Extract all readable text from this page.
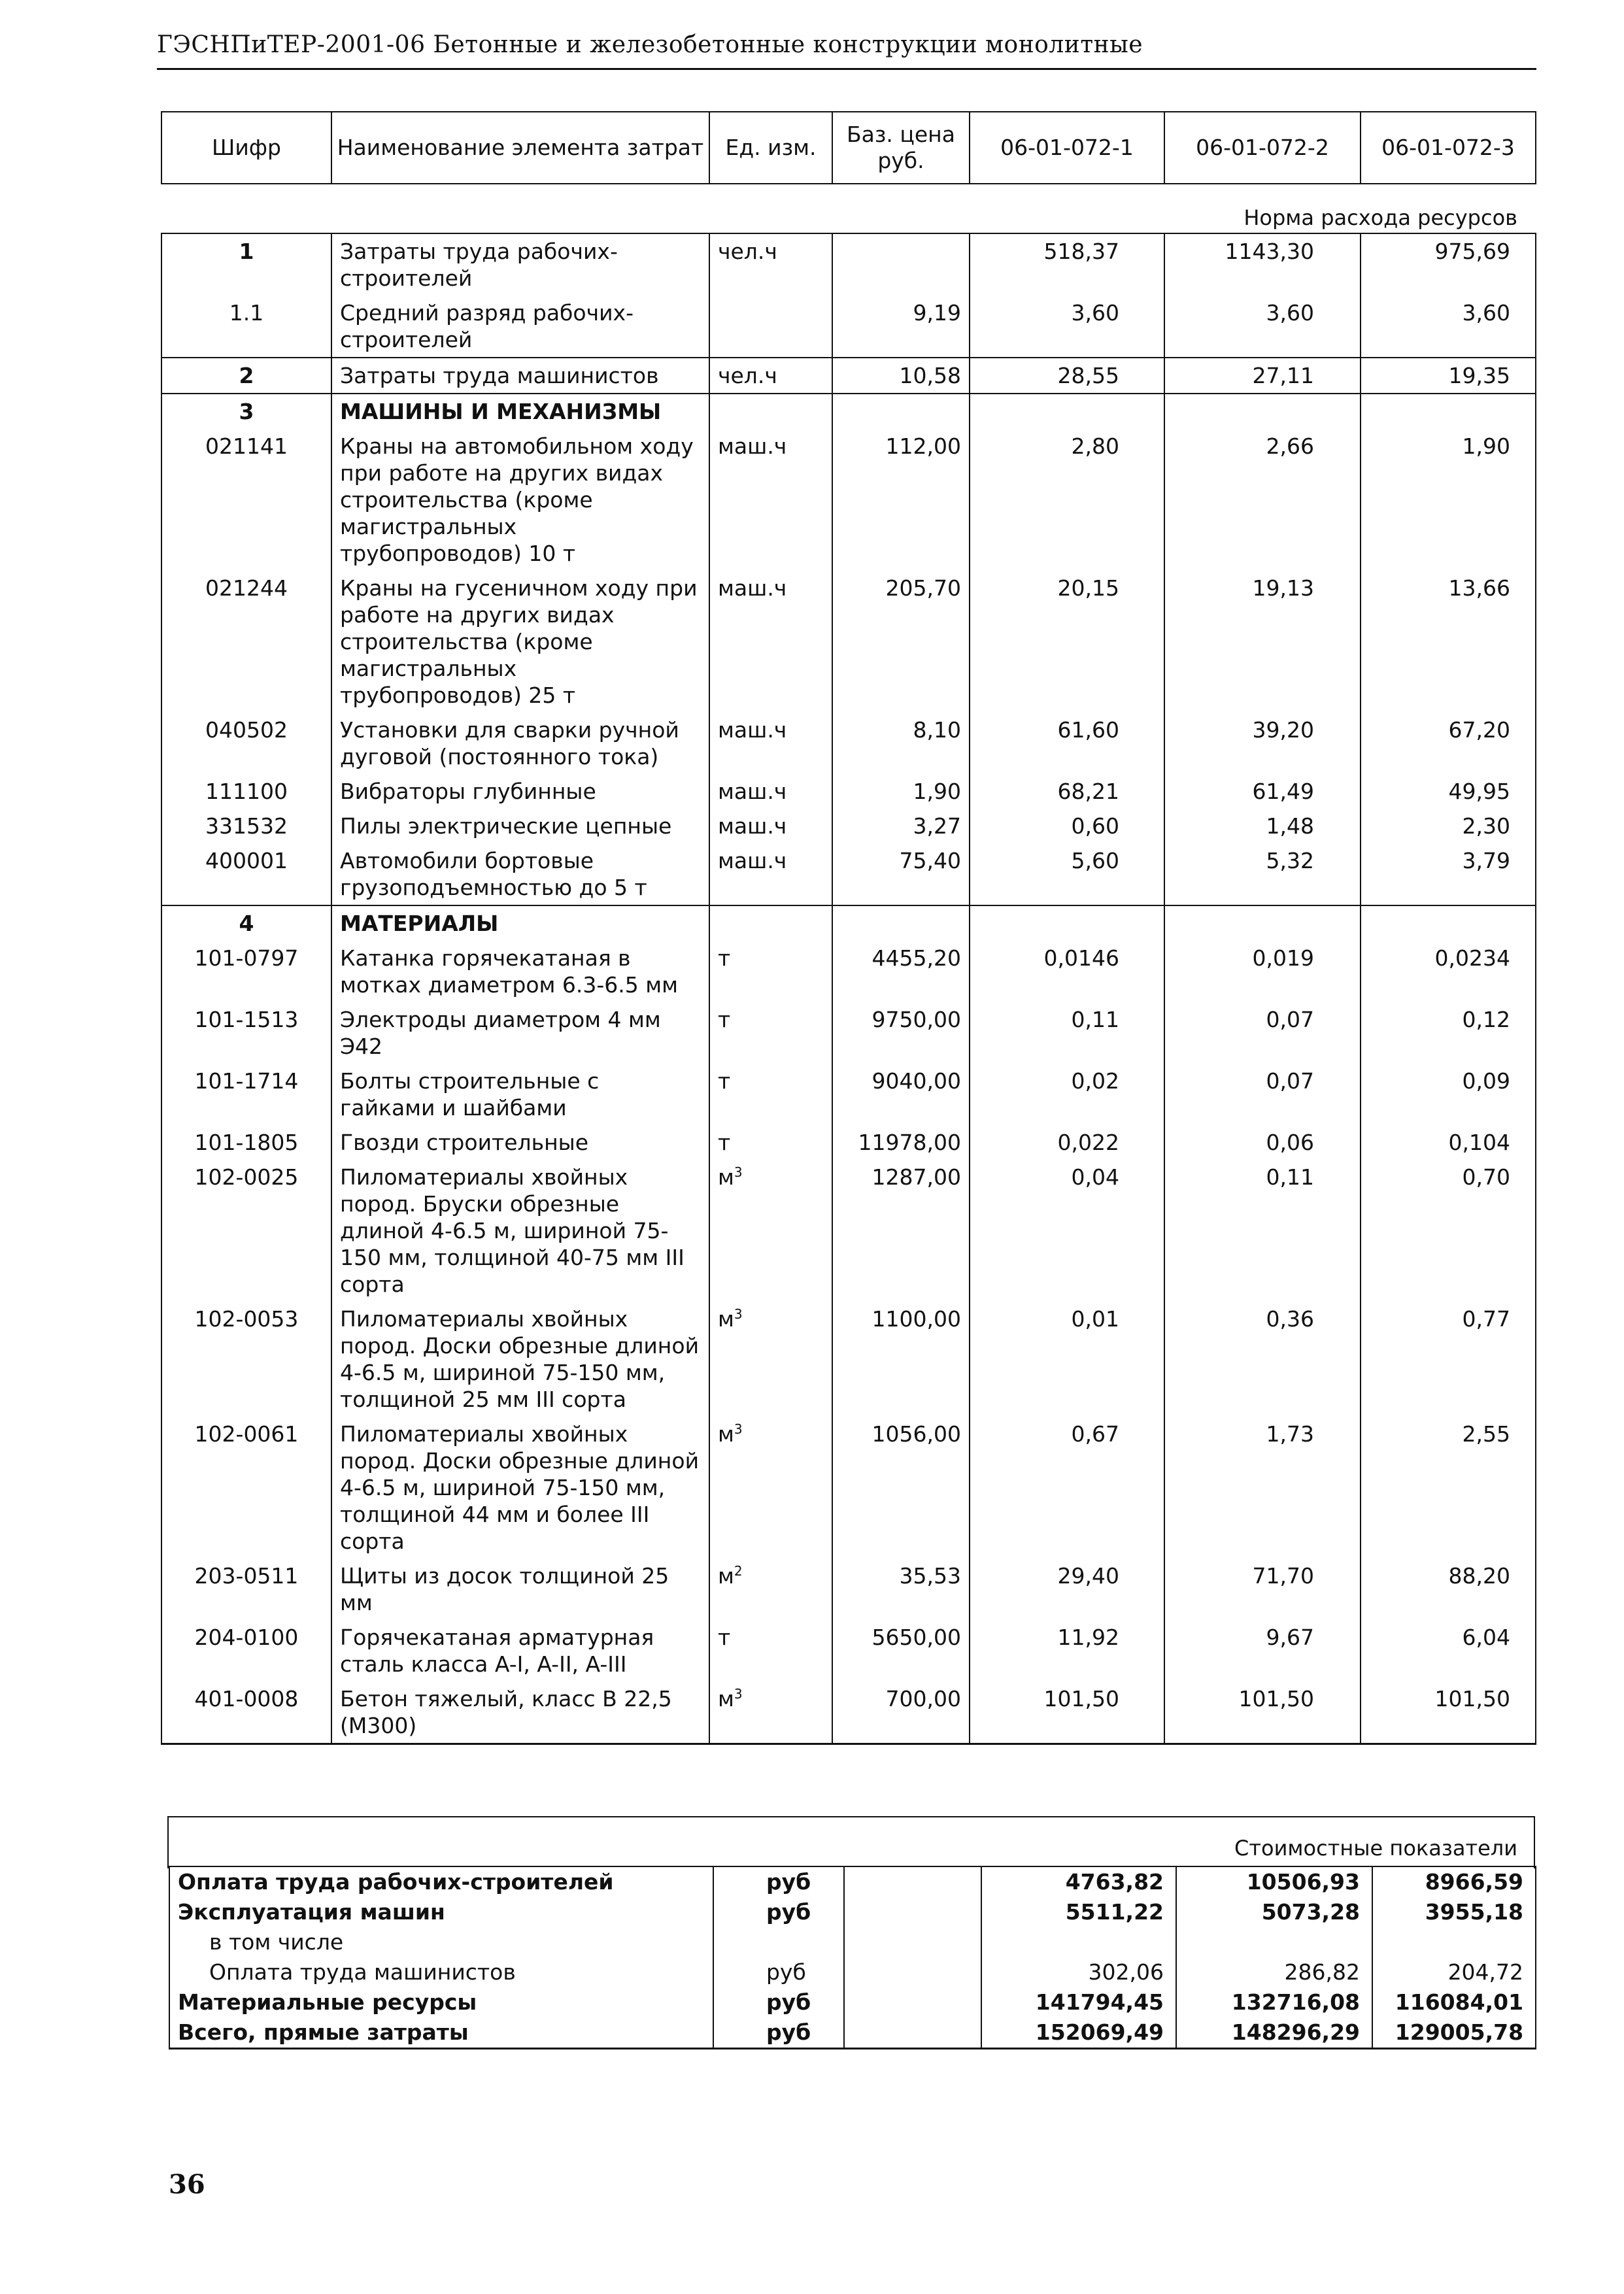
ГЭСНПиТЕР-2001-06 Бетонные и железобетонные конструкции монолитные
Шифр	Наименование элемента затрат	Ед. изм.	Баз. цена руб.	06-01-072-1	06-01-072-2	06-01-072-3
Норма расхода ресурсов						
1	Затраты труда рабочих-строителей	чел.ч		518,37	1143,30	975,69
1.1	Средний разряд рабочих-строителей		9,19	3,60	3,60	3,60
2	Затраты труда машинистов	чел.ч	10,58	28,55	27,11	19,35
3	МАШИНЫ И МЕХАНИЗМЫ					
021141	Краны на автомобильном ходу при работе на других видах строительства (кроме магистральных трубопроводов) 10 т	маш.ч	112,00	2,80	2,66	1,90
021244	Краны на гусеничном ходу при работе на других видах строительства (кроме магистральных трубопроводов) 25 т	маш.ч	205,70	20,15	19,13	13,66
040502	Установки для сварки ручной дуговой (постоянного тока)	маш.ч	8,10	61,60	39,20	67,20
111100	Вибраторы глубинные	маш.ч	1,90	68,21	61,49	49,95
331532	Пилы электрические цепные	маш.ч	3,27	0,60	1,48	2,30
400001	Автомобили бортовые грузоподъемностью до 5 т	маш.ч	75,40	5,60	5,32	3,79
4	МАТЕРИАЛЫ					
101-0797	Катанка горячекатаная в мотках диаметром 6.3-6.5 мм	т	4455,20	0,0146	0,019	0,0234
101-1513	Электроды диаметром 4 мм Э42	т	9750,00	0,11	0,07	0,12
101-1714	Болты строительные с гайками и шайбами	т	9040,00	0,02	0,07	0,09
101-1805	Гвозди строительные	т	11978,00	0,022	0,06	0,104
102-0025	Пиломатериалы хвойных пород. Бруски обрезные длиной 4-6.5 м, шириной 75-150 мм, толщиной 40-75 мм III сорта	$м^3$	1287,00	0,04	0,11	0,70
102-0053	Пиломатериалы хвойных пород. Доски обрезные длиной 4-6.5 м, шириной 75-150 мм, толщиной 25 мм III сорта	$м^3$	1100,00	0,01	0,36	0,77
102-0061	Пиломатериалы хвойных пород. Доски обрезные длиной 4-6.5 м, шириной 75-150 мм, толщиной 44 мм и более III сорта	$м^3$	1056,00	0,67	1,73	2,55
203-0511	Щиты из досок толщиной 25 мм	$м^2$	35,53	29,40	71,70	88,20
204-0100	Горячекатаная арматурная сталь класса A-I, A-II, A-III	т	5650,00	11,92	9,67	6,04
401-0008	Бетон тяжелый, класс В 22,5 (М300)	$м^3$	700,00	101,50	101,50	101,50
Стоимостные показатели					
Оплата труда рабочих-строителей	руб		4763,82	10506,93	8966,59
Эксплуатация машин	руб		5511,22	5073,28	3955,18
в том числе					
Оплата труда машинистов	руб		302,06	286,82	204,72
Материальные ресурсы	руб		141794,45	132716,08	116084,01
Всего, прямые затраты	руб		152069,49	148296,29	129005,78
36
